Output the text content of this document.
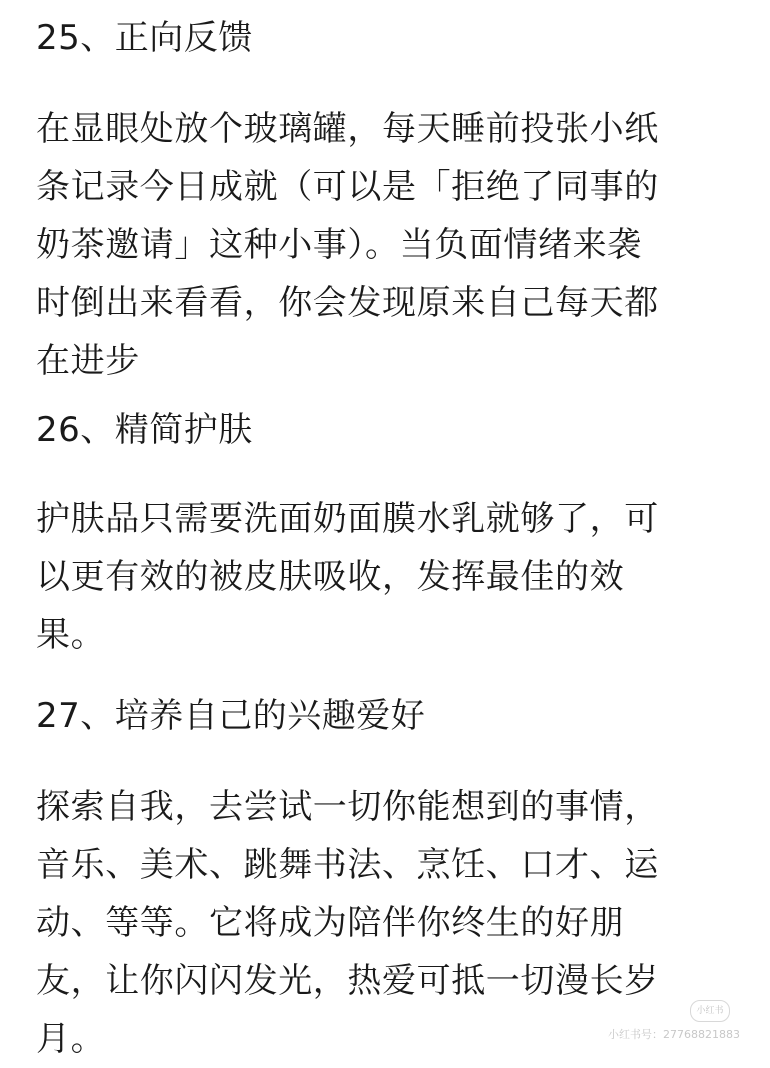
25、正向反馈
在显眼处放个玻璃罐，每天睡前投张小纸
条记录今日成就（可以是「拒绝了同事的
奶茶邀请」这种小事）。当负面情绪来袭
时倒出来看看，你会发现原来自己每天都
在进步
26、精简护肤
护肤品只需要洗面奶面膜水乳就够了，可
以更有效的被皮肤吸收，发挥最佳的效
果。
27、培养自己的兴趣爱好
探索自我，去尝试一切你能想到的事情，
音乐、美术、跳舞书法、烹饪、口才、运
动、等等。它将成为陪伴你终生的好朋
友，让你闪闪发光，热爱可抵一切漫长岁
月。
小红书
小红书号：27768821883
